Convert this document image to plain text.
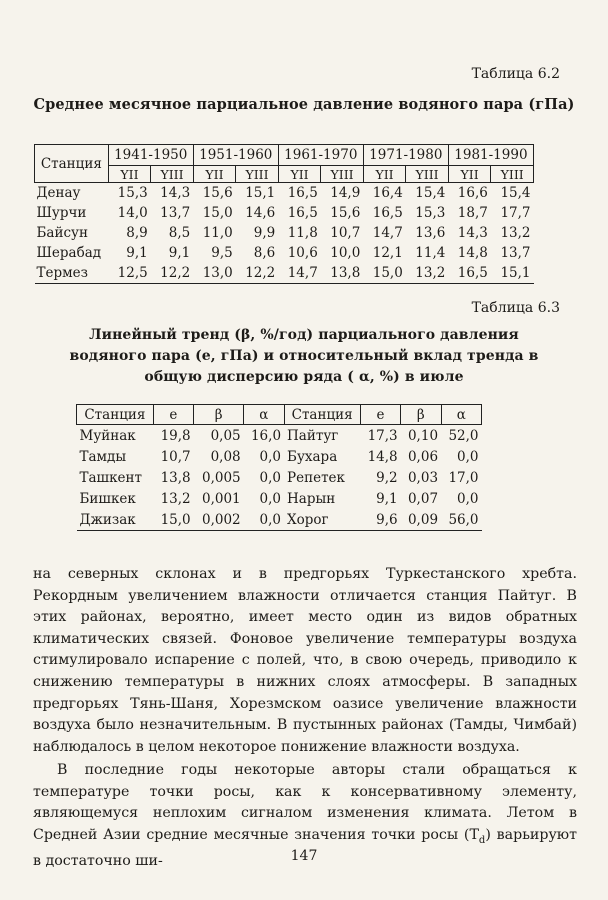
Таблица 6.2
Среднее месячное парциальное давление водяного пара (гПа)
Станция	1941-1950		1951-1960		1961-1970		1971-1980		1981-1990	
	YII	YIII	YII	YIII	YII	YIII	YII	YIII	YII	YIII
Денау	15,3	14,3	15,6	15,1	16,5	14,9	16,4	15,4	16,6	15,4
Шурчи	14,0	13,7	15,0	14,6	16,5	15,6	16,5	15,3	18,7	17,7
Байсун	8,9	8,5	11,0	9,9	11,8	10,7	14,7	13,6	14,3	13,2
Шерабад	9,1	9,1	9,5	8,6	10,6	10,0	12,1	11,4	14,8	13,7
Термез	12,5	12,2	13,0	12,2	14,7	13,8	15,0	13,2	16,5	15,1
Таблица 6.3
Линейный тренд (β, %/год) парциального давления
водяного пара (e, гПа) и относительный вклад тренда в
общую дисперсию ряда ( α, %) в июле
Станция	e	β	α	Станция	e	β	α
Муйнак	19,8	0,05	16,0	Пайтуг	17,3	0,10	52,0
Тамды	10,7	0,08	0,0	Бухара	14,8	0,06	0,0
Ташкент	13,8	0,005	0,0	Репетек	9,2	0,03	17,0
Бишкек	13,2	0,001	0,0	Нарын	9,1	0,07	0,0
Джизак	15,0	0,002	0,0	Хорог	9,6	0,09	56,0
на северных склонах и в предгорьях Туркестанского хребта. Рекордным увеличением влажности отличается станция Пайтуг. В этих районах, вероятно, имеет место один из видов обратных климатических связей. Фоновое увеличение температуры воздуха стимулировало испарение с полей, что, в свою очередь, приводило к снижению температуры в нижних слоях атмосферы. В западных предгорьях Тянь-Шаня, Хорезмском оазисе увеличение влажности воздуха было незначительным. В пустынных районах (Тамды, Чимбай) наблюдалось в целом некоторое понижение влажности воздуха.
В последние годы некоторые авторы стали обращаться к температуре точки росы, как к консервативному элементу, являющемуся неплохим сигналом изменения климата. Летом в Средней Азии средние месячные значения точки росы $(T_d)$ варьируют в достаточно ши-	147
